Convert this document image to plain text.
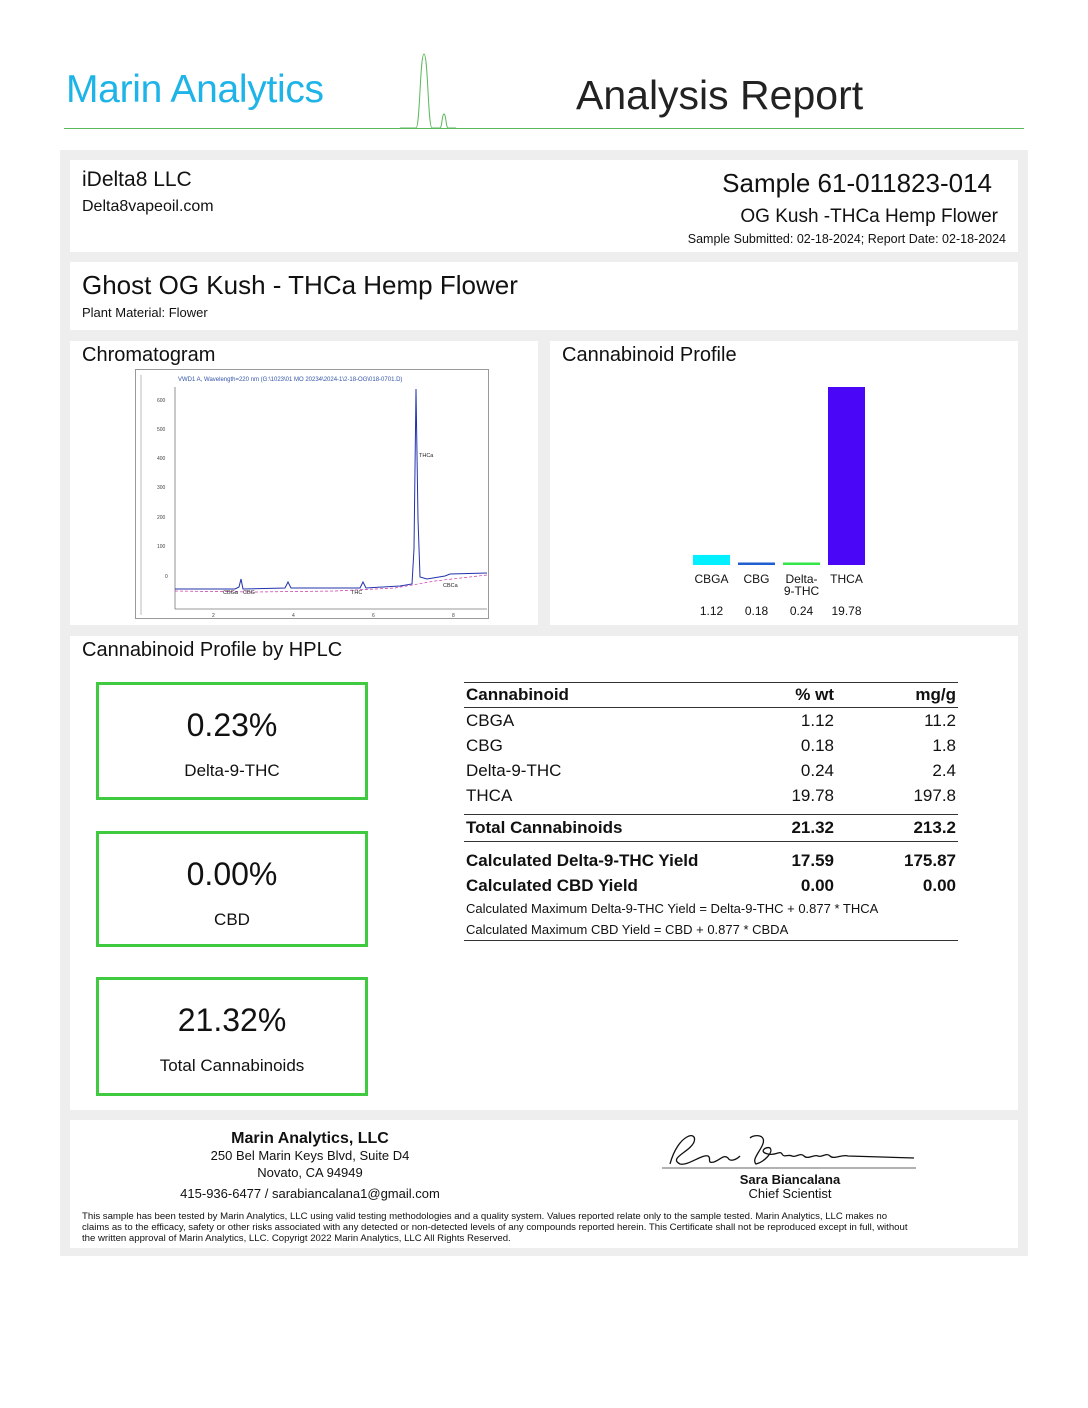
Marin Analytics	Analysis Report
iDelta8 LLC
Delta8vapeoil.com
Sample 61-011823-014
OG Kush -THCa Hemp Flower
Sample Submitted: 02-18-2024; Report Date: 02-18-2024
Ghost OG Kush - THCa Hemp Flower
Plant Material: Flower
Chromatogram
VWD1 A, Wavelength=220 nm (G:\1023\01 MO 20234\2024-1\2-18-OG\018-0701.D)
600
500
400
300
200
100
0
2	4	6	8
CBGa CBG	THC
THCa
CBCa
Cannabinoid Profile
CBGA
1.12
CBG
0.18
Delta-9-THC
0.24
THCA
19.78
Cannabinoid Profile by HPLC
0.23%
Delta-9-THC
0.00%
CBD
21.32%
Total Cannabinoids
Cannabinoid	% wt	mg/g
CBGA	1.12	11.2
CBG	0.18	1.8
Delta-9-THC	0.24	2.4
THCA	19.78	197.8

Total Cannabinoids	21.32	213.2

Calculated Delta-9-THC Yield	17.59	175.87
Calculated CBD Yield	0.00	0.00
Calculated Maximum Delta-9-THC Yield = Delta-9-THC + 0.877 * THCA		
Calculated Maximum CBD Yield = CBD + 0.877 * CBDA		
Marin Analytics, LLC
250 Bel Marin Keys Blvd, Suite D4
Novato, CA 94949
415-936-6477 / sarabiancalana1@gmail.com
Sara Biancalana
Chief Scientist
This sample has been tested by Marin Analytics, LLC using valid testing methodologies and a quality system. Values reported relate only to the sample tested. Marin Analytics, LLC makes no
claims as to the efficacy, safety or other risks associated with any detected or non-detected levels of any compounds reported herein. This Certificate shall not be reproduced except in full, without
the written approval of Marin Analytics, LLC. Copyrigt 2022 Marin Analytics, LLC All Rights Reserved.
